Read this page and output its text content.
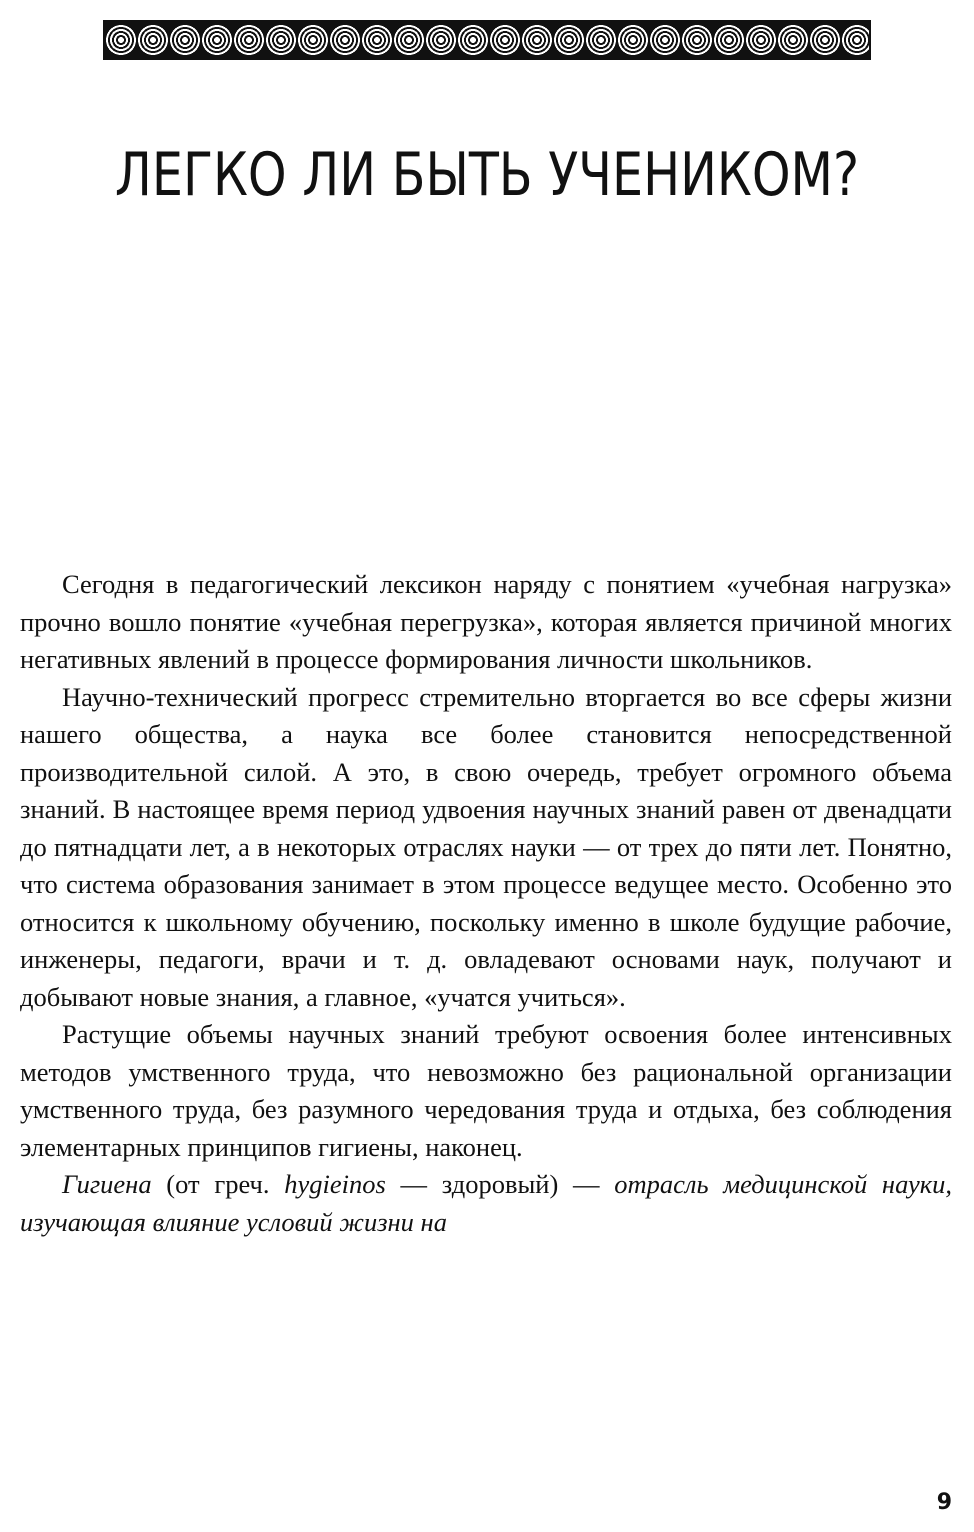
ЛЕГКО ЛИ БЫТЬ УЧЕНИКОМ?

Сегодня в педагогический лексикон наряду с понятием «учебная нагрузка» прочно вошло понятие «учебная перегрузка», которая является причиной многих негативных явлений в процессе формирования личности школьников.

Научно-технический прогресс стремительно вторгается во все сферы жизни нашего общества, а наука все более становится непосредственной производительной силой. А это, в свою очередь, требует огромного объема знаний. В настоящее время период удвоения научных знаний равен от двенадцати до пятнадцати лет, а в некоторых отраслях науки — от трех до пяти лет. Понятно, что система образования занимает в этом процессе ведущее место. Особенно это относится к школьному обучению, поскольку именно в школе будущие рабочие, инженеры, педагоги, врачи и т. д. овладевают основами наук, получают и добывают новые знания, а главное, «учатся учиться».

Растущие объемы научных знаний требуют освоения более интенсивных методов умственного труда, что невозможно без рациональной организации умственного труда, без разумного чередования труда и отдыха, без соблюдения элементарных принципов гигиены, наконец.

Гигиена (от греч. hygieinos — здоровый) — отрасль медицинской науки, изучающая влияние условий жизни на

9
